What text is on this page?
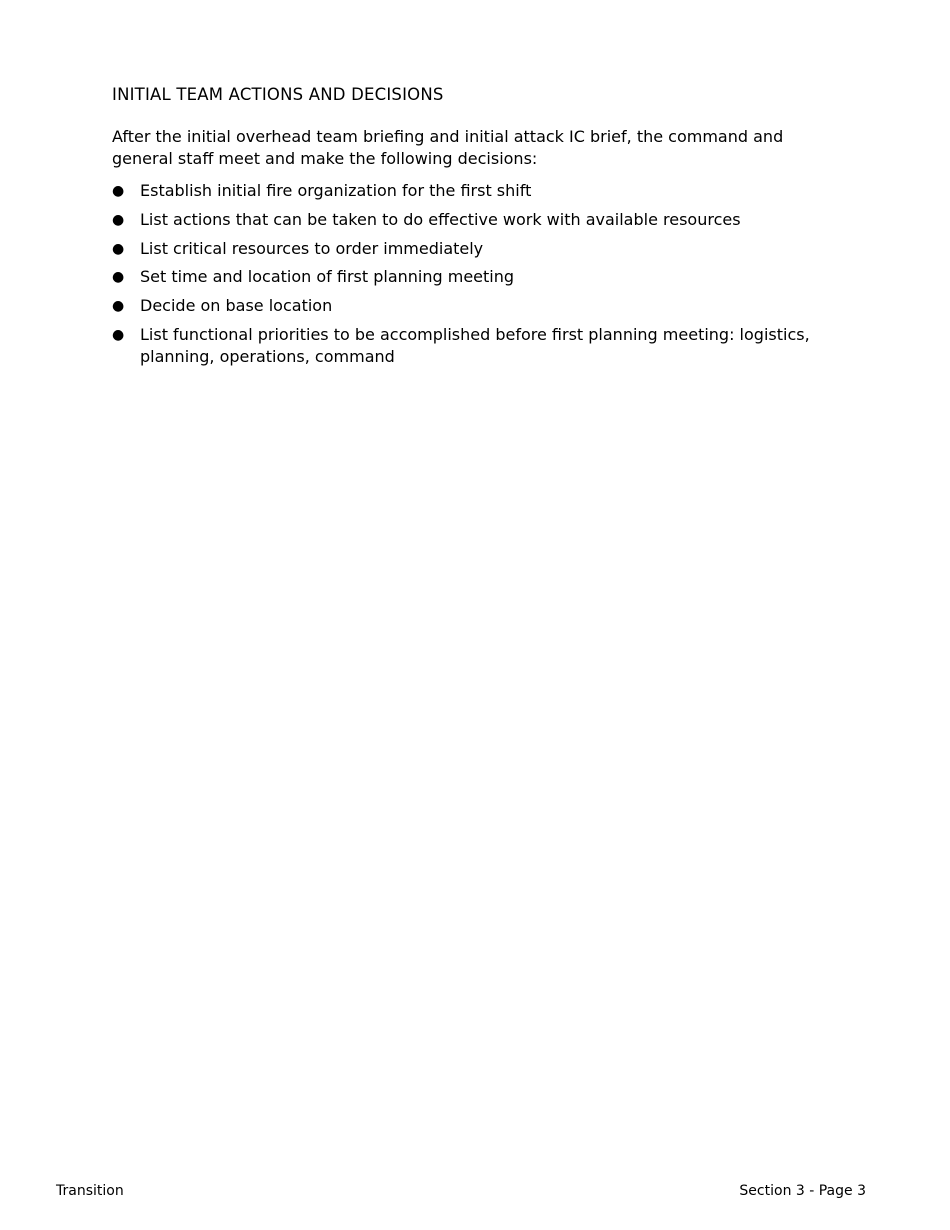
INITIAL TEAM ACTIONS AND DECISIONS
After the initial overhead team briefing and initial attack IC brief, the command and
general staff meet and make the following decisions:
● Establish initial fire organization for the first shift
● List actions that can be taken to do effective work with available resources
● List critical resources to order immediately
● Set time and location of first planning meeting
● Decide on base location
● List functional priorities to be accomplished before first planning meeting: logistics,
planning, operations, command
Transition	Section 3 - Page 3
